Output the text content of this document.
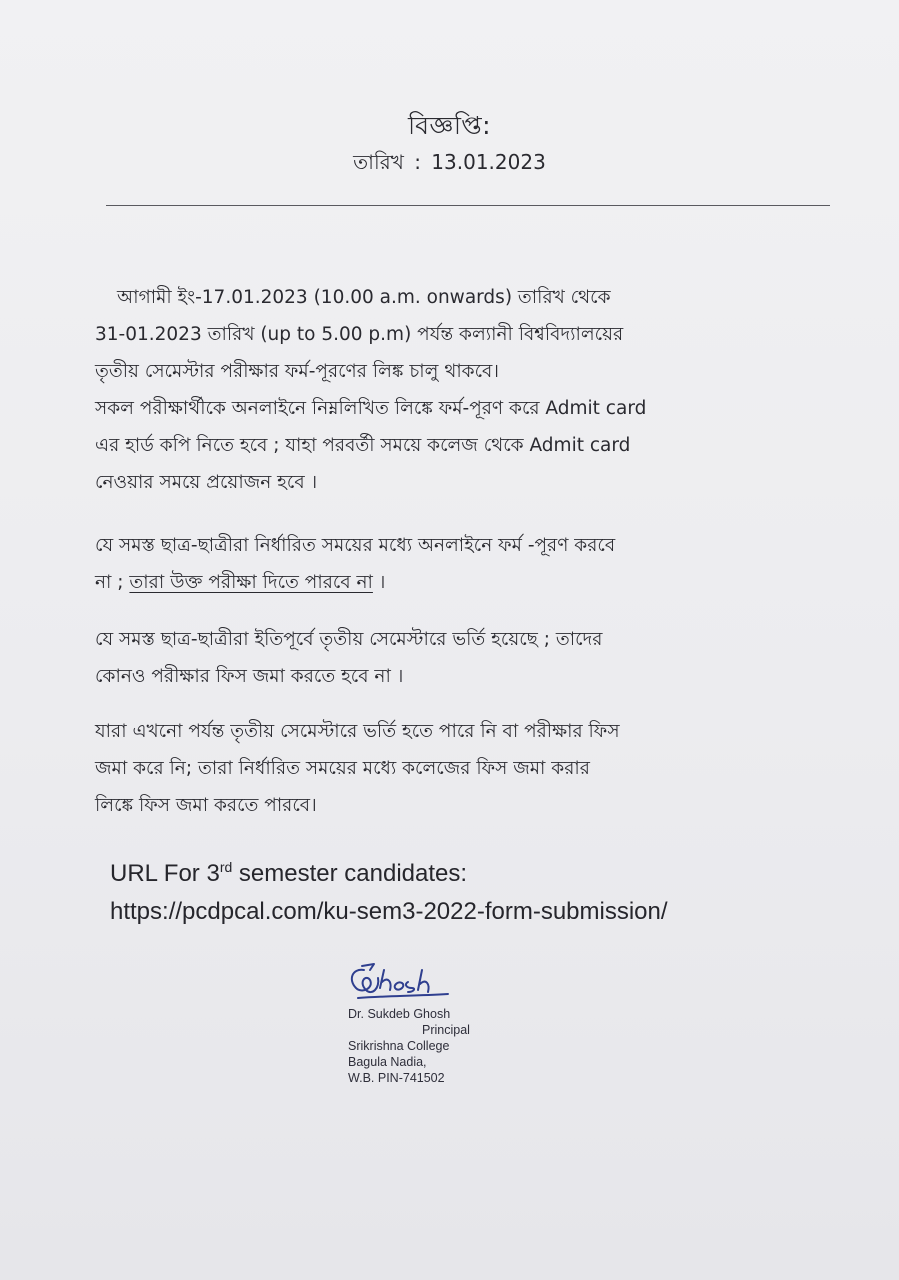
বিজ্ঞপ্তি:
তারিখ : 13.01.2023
আগামী ইং-17.01.2023 (10.00 a.m. onwards) তারিখ থেকে
31-01.2023 তারিখ (up to 5.00 p.m) পর্যন্ত কল্যানী বিশ্ববিদ্যালয়ের
তৃতীয় সেমেস্টার পরীক্ষার ফর্ম-পূরণের লিঙ্ক চালু থাকবে।
সকল পরীক্ষার্থীকে অনলাইনে নিম্নলিখিত লিঙ্কে ফর্ম-পূরণ করে Admit card
এর হার্ড কপি নিতে হবে ; যাহা পরবর্তী সময়ে কলেজ থেকে Admit card
নেওয়ার সময়ে প্রয়োজন হবে ।
যে সমস্ত ছাত্র-ছাত্রীরা নির্ধারিত সময়ের মধ্যে অনলাইনে ফর্ম -পূরণ করবে
না ; তারা উক্ত পরীক্ষা দিতে পারবে না ।
যে সমস্ত ছাত্র-ছাত্রীরা ইতিপূর্বে তৃতীয় সেমেস্টারে ভর্তি হয়েছে ; তাদের
কোনও পরীক্ষার ফিস জমা করতে হবে না ।
যারা এখনো পর্যন্ত তৃতীয় সেমেস্টারে ভর্তি হতে পারে নি বা পরীক্ষার ফিস
জমা করে নি; তারা নির্ধারিত সময়ের মধ্যে কলেজের ফিস জমা করার
লিঙ্কে ফিস জমা করতে পারবে।
URL For 3rd semester candidates:
https://pcdpcal.com/ku-sem3-2022-form-submission/
Dr. Sukdeb Ghosh
Principal
Srikrishna College
Bagula Nadia,
W.B. PIN-741502
